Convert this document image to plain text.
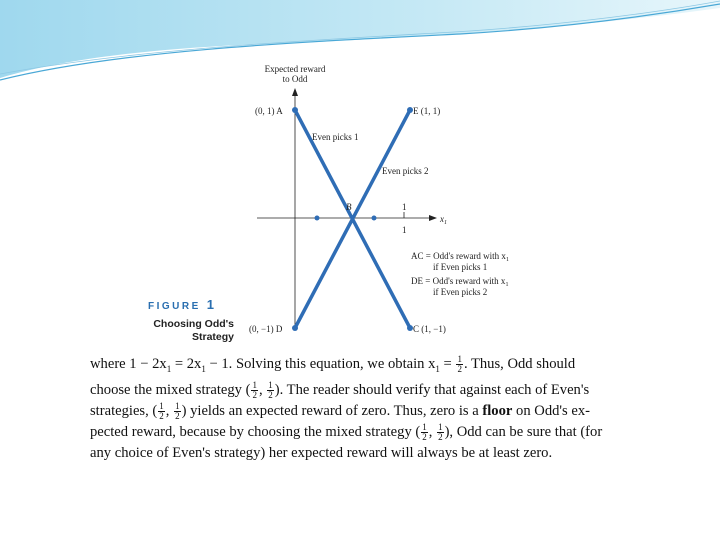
Expected reward
to Odd
(0, 1) A	E (1, 1)
Even picks 1
Even picks 2
B	1
1
$x_1$
AC = Odd's reward with $x_1$
if Even picks 1
DE = Odd's reward with $x_1$
if Even picks 2
(0, −1) D	C (1, −1)
FIGURE 1
Choosing Odd's
Strategy
where $1 - 2x_1 = 2x_1 - 1$. Solving this equation, we obtain $x_1 = \frac{1}{2}$ . Thus, Odd should
choose the mixed strategy ( $\frac{1}{2}$ , $\frac{1}{2}$ ). The reader should verify that against each of Even's
strategies, ( $\frac{1}{2}$ , $\frac{1}{2}$ ) yields an expected reward of zero. Thus, zero is a floor on Odd's ex-
pected reward, because by choosing the mixed strategy ( $\frac{1}{2}$ , $\frac{1}{2}$ ), Odd can be sure that (for
any choice of Even's strategy) her expected reward will always be at least zero.
